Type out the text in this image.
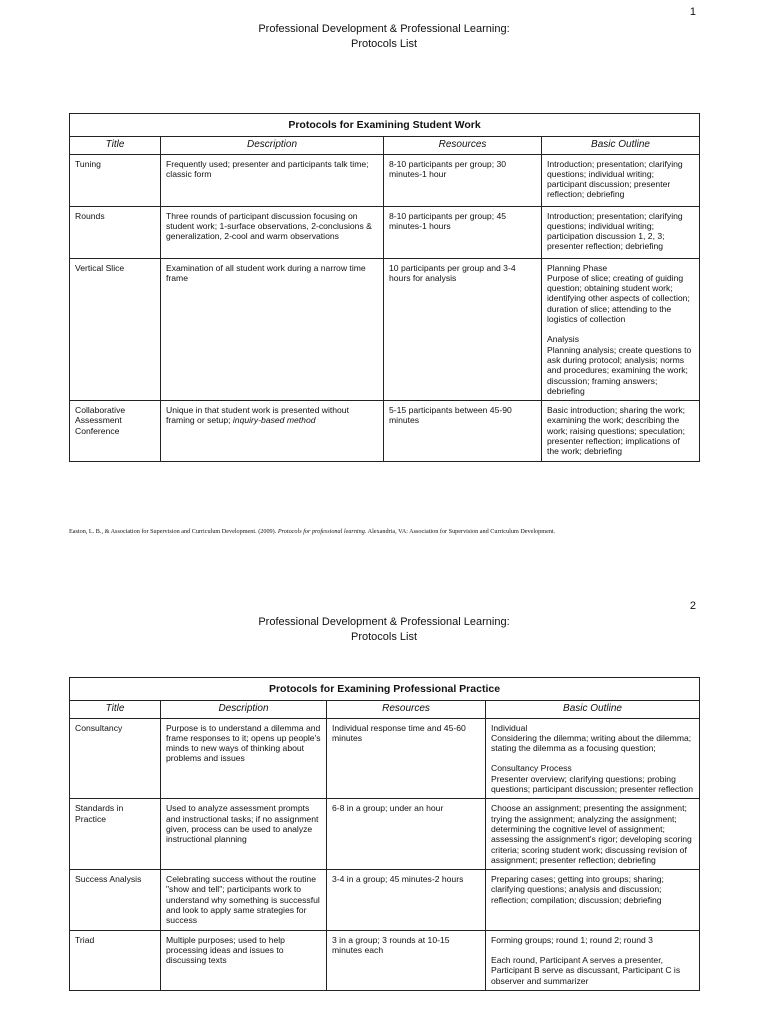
1
Professional Development & Professional Learning:
Protocols List
Protocols for Examining Student Work			
Title	Description	Resources	Basic Outline
Tuning	Frequently used; presenter and participants talk time; classic form	8-10 participants per group; 30 minutes-1 hour	Introduction; presentation; clarifying questions; individual writing; participant discussion; presenter reflection; debriefing
Rounds	Three rounds of participant discussion focusing on student work; 1-surface observations, 2-conclusions & generalization, 2-cool and warm observations	8-10 participants per group; 45 minutes-1 hours	Introduction; presentation; clarifying questions; individual writing; participation discussion 1, 2, 3; presenter reflection; debriefing
Vertical Slice	Examination of all student work during a narrow time frame	10 participants per group and 3-4 hours for analysis	Planning Phase
Purpose of slice; creating of guiding question; obtaining student work; identifying other aspects of collection; duration of slice; attending to the logistics of collection
Analysis
Planning analysis; create questions to ask during protocol; analysis; norms and procedures; examining the work; discussion; framing answers; debriefing

Collaborative Assessment Conference	Unique in that student work is presented without framing or setup; inquiry-based method	5-15 participants between 45-90 minutes	Basic introduction; sharing the work; examining the work; describing the work; raising questions; speculation; presenter reflection; implications of the work; debriefing
Easton, L. B., & Association for Supervision and Curriculum Development. (2009). Protocols for professional learning. Alexandria, VA: Association for Supervision and Curriculum Development.
2
Professional Development & Professional Learning:
Protocols List
Protocols for Examining Professional Practice			
Title	Description	Resources	Basic Outline
Consultancy	Purpose is to understand a dilemma and frame responses to it; opens up people's minds to new ways of thinking about problems and issues	Individual response time and 45-60 minutes	Individual
Considering the dilemma; writing about the dilemma; stating the dilemma as a focusing question;
Consultancy Process
Presenter overview; clarifying questions; probing questions; participant discussion; presenter reflection

Standards in Practice	Used to analyze assessment prompts and instructional tasks; if no assignment given, process can be used to analyze instructional planning	6-8 in a group; under an hour	Choose an assignment; presenting the assignment; trying the assignment; analyzing the assignment; determining the cognitive level of assignment; assessing the assignment's rigor; developing scoring criteria; scoring student work; discussing revision of assignment; presenter reflection; debriefing
Success Analysis	Celebrating success without the routine "show and tell"; participants work to understand why something is successful and look to apply same strategies for success	3-4 in a group; 45 minutes-2 hours	Preparing cases; getting into groups; sharing; clarifying questions; analysis and discussion; reflection; compilation; discussion; debriefing
Triad	Multiple purposes; used to help processing ideas and issues to discussing texts	3 in a group; 3 rounds at 10-15 minutes each	Forming groups; round 1; round 2; round 3
Each round, Participant A serves a presenter, Participant B serve as discussant, Participant C is observer and summarizer
